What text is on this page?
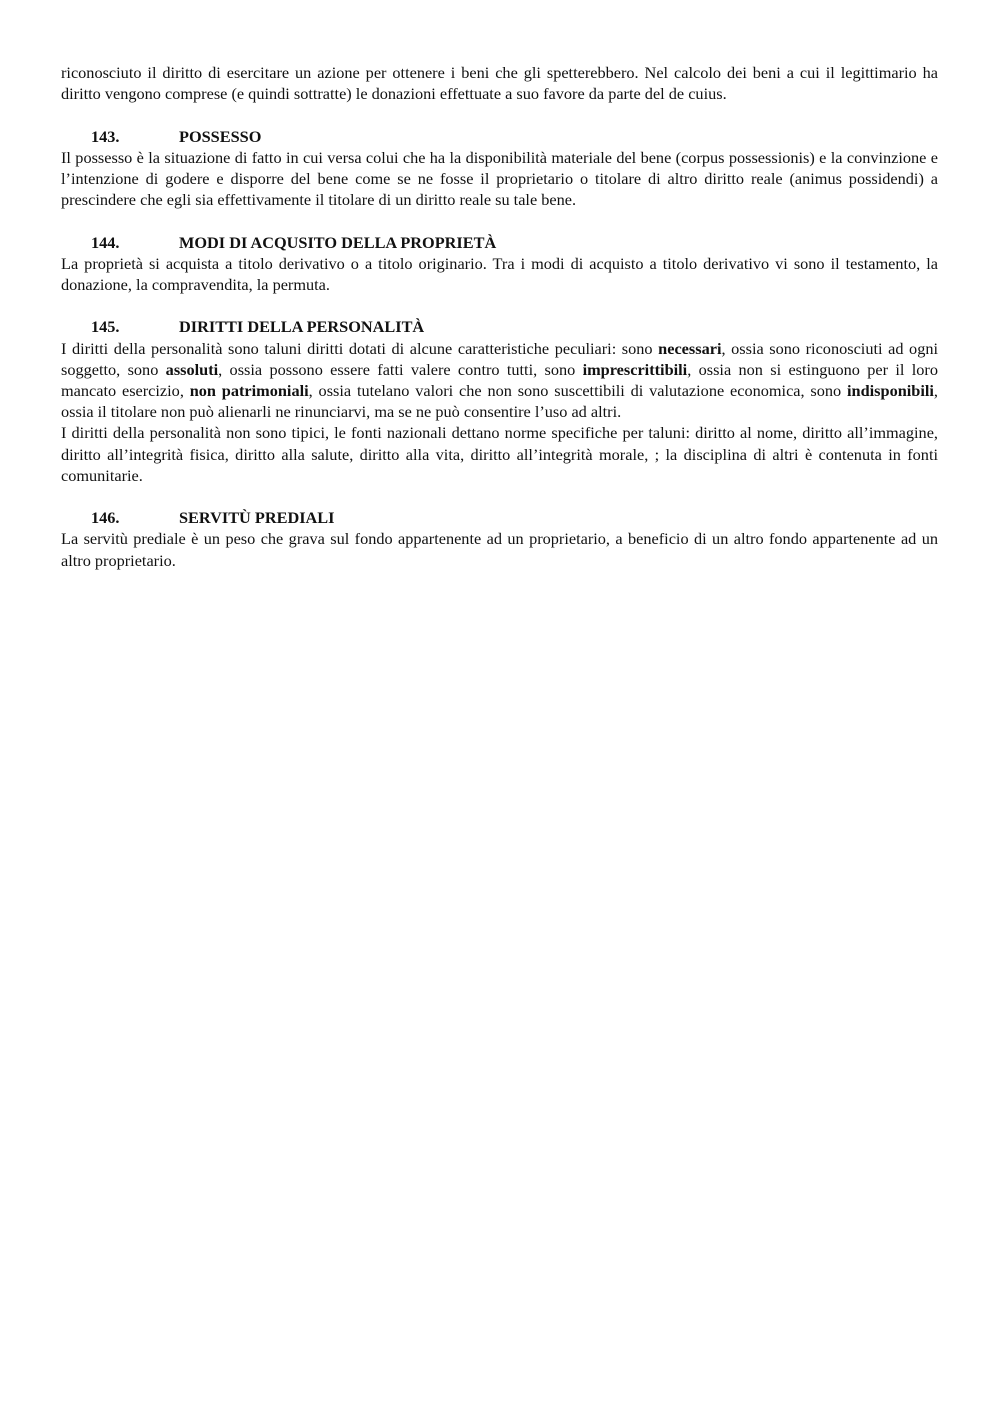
riconosciuto il diritto di esercitare un azione per ottenere i beni che gli spetterebbero. Nel calcolo dei beni a cui il legittimario ha diritto vengono comprese (e quindi sottratte) le donazioni effettuate a suo favore da parte del de cuius.

143.	POSSESSO

Il possesso è la situazione di fatto in cui versa colui che ha la disponibilità materiale del bene (corpus possessionis) e la convinzione e l’intenzione di godere e disporre del bene come se ne fosse il proprietario o titolare di altro diritto reale (animus possidendi) a prescindere che egli sia effettivamente il titolare di un diritto reale su tale bene.

144.	MODI DI ACQUSITO DELLA PROPRIETÀ

La proprietà si acquista a titolo derivativo o a titolo originario. Tra i modi di acquisto a titolo derivativo vi sono il testamento, la donazione, la compravendita, la permuta.

145.	DIRITTI DELLA PERSONALITÀ

I diritti della personalità sono taluni diritti dotati di alcune caratteristiche peculiari: sono necessari, ossia sono riconosciuti ad ogni soggetto, sono assoluti, ossia possono essere fatti valere contro tutti, sono imprescrittibili, ossia non si estinguono per il loro mancato esercizio, non patrimoniali, ossia tutelano valori che non sono suscettibili di valutazione economica, sono indisponibili, ossia il titolare non può alienarli ne rinunciarvi, ma se ne può consentire l’uso ad altri.

I diritti della personalità non sono tipici, le fonti nazionali dettano norme specifiche per taluni: diritto al nome, diritto all’immagine, diritto all’integrità fisica, diritto alla salute, diritto alla vita, diritto all’integrità morale, ; la disciplina di altri è contenuta in fonti comunitarie.

146.	SERVITÙ PREDIALI

La servitù prediale è un peso che grava sul fondo appartenente ad un proprietario, a beneficio di un altro fondo appartenente ad un altro proprietario.
